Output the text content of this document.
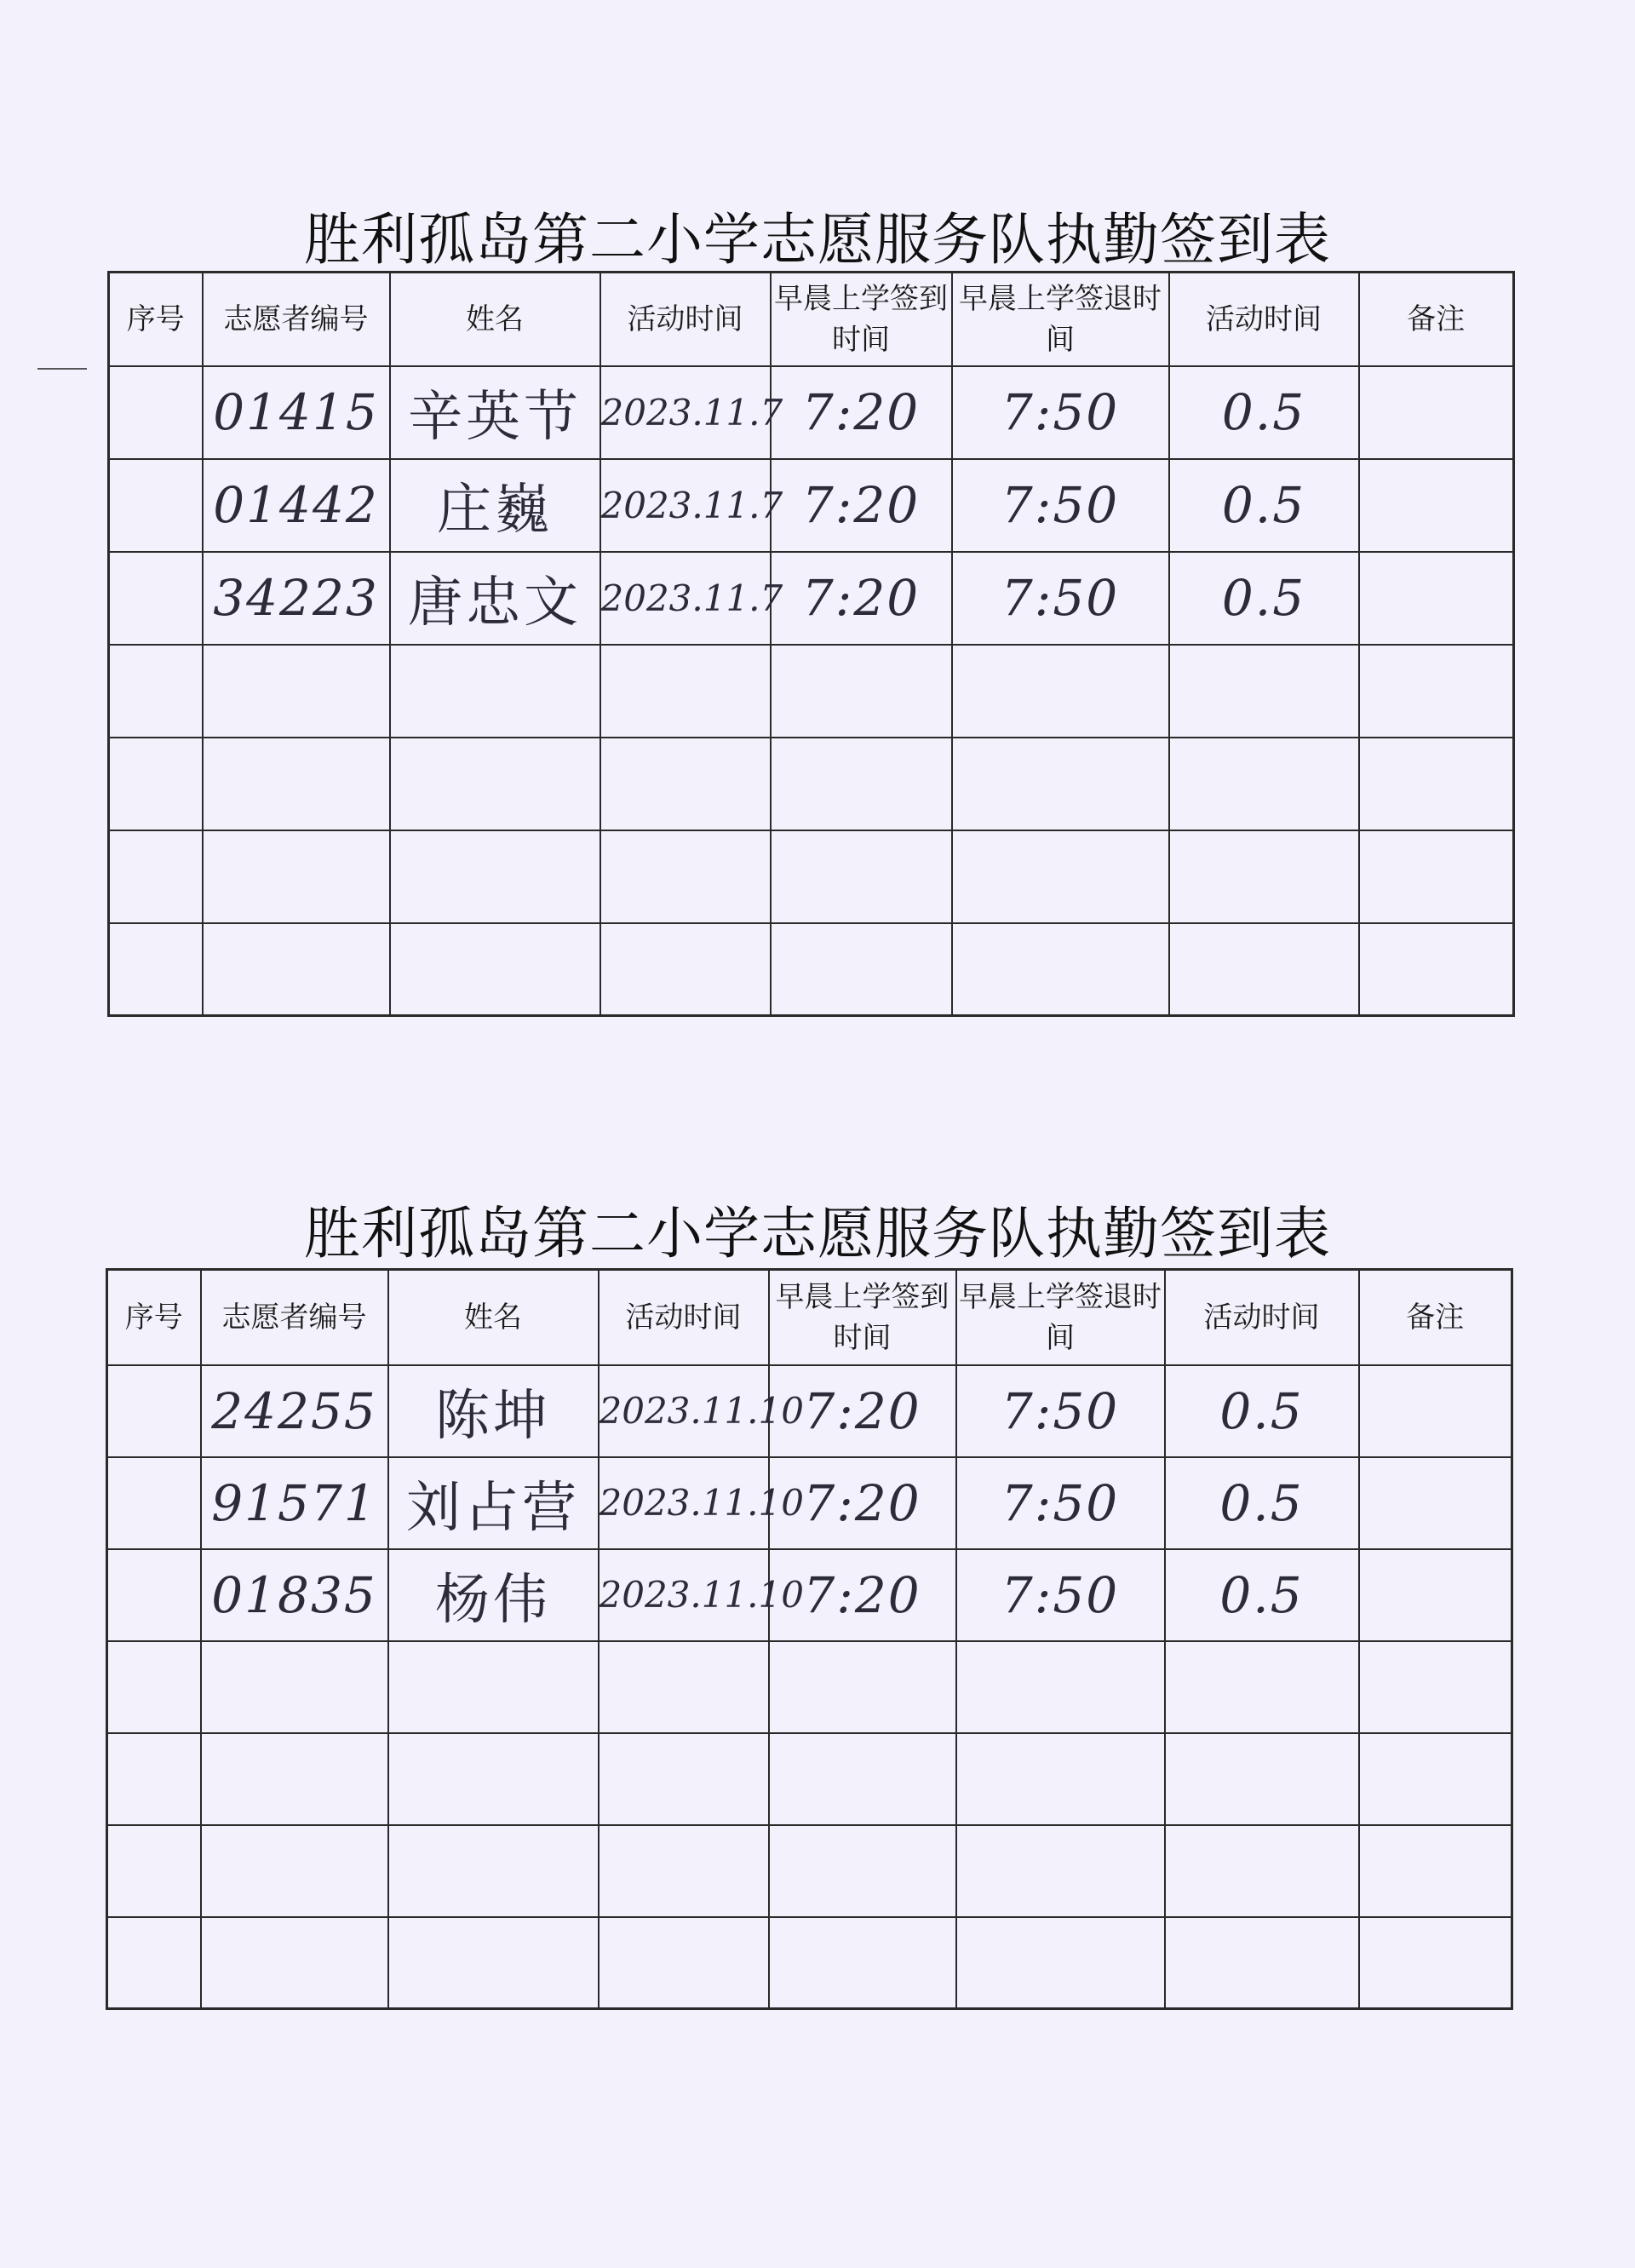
胜利孤岛第二小学志愿服务队执勤签到表
序号	志愿者编号	姓名	活动时间	早晨上学签到时间	早晨上学签退时间	活动时间	备注
	01415	辛英节	2023.11.7	7:20	7:50	0.5	
	01442	庄巍	2023.11.7	7:20	7:50	0.5	
	34223	唐忠文	2023.11.7	7:20	7:50	0.5	

胜利孤岛第二小学志愿服务队执勤签到表
序号	志愿者编号	姓名	活动时间	早晨上学签到时间	早晨上学签退时间	活动时间	备注
	24255	陈坤	2023.11.10	7:20	7:50	0.5	
	91571	刘占营	2023.11.10	7:20	7:50	0.5	
	01835	杨伟	2023.11.10	7:20	7:50	0.5	
